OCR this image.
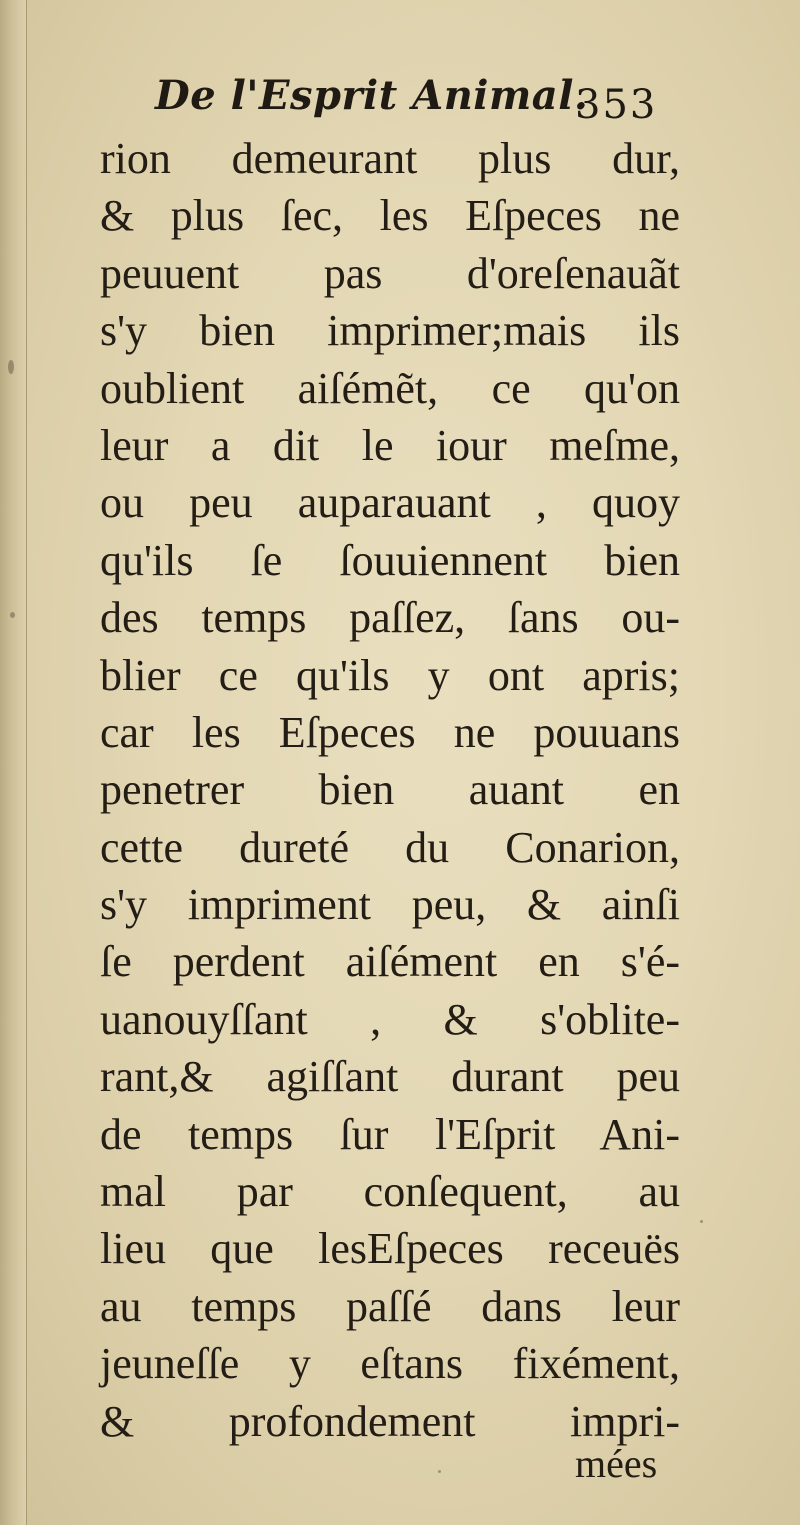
De l'Esprit Animal.
353
rion demeurant plus dur,
& plus ſec, les Eſpeces ne
peuuent pas d'oreſenauãt
s'y bien imprimer;mais ils
oublient aiſémẽt, ce qu'on
leur a dit le iour meſme,
ou peu auparauant , quoy
qu'ils ſe ſouuiennent bien
des temps paſſez, ſans ou-
blier ce qu'ils y ont apris;
car les Eſpeces ne pouuans
penetrer bien auant en
cette dureté du Conarion,
s'y impriment peu, & ainſi
ſe perdent aiſément en s'é-
uanouyſſant , & s'oblite-
rant,& agiſſant durant peu
de temps ſur l'Eſprit Ani-
mal par conſequent, au
lieu que lesEſpeces receuës
au temps paſſé dans leur
jeuneſſe y eſtans fixément,
& profondement impri-
mées
